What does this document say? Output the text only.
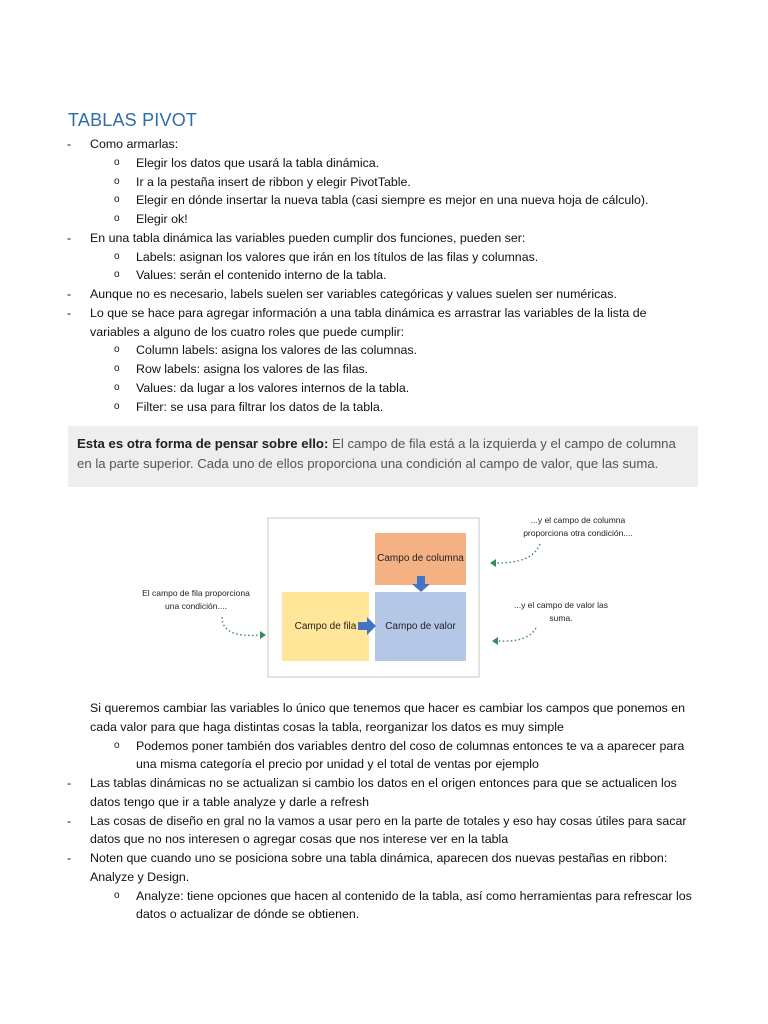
TABLAS PIVOT
- Como armarlas:
o Elegir los datos que usará la tabla dinámica.
o Ir a la pestaña insert de ribbon y elegir PivotTable.
o Elegir en dónde insertar la nueva tabla (casi siempre es mejor en una nueva hoja de cálculo).
o Elegir ok!
- En una tabla dinámica las variables pueden cumplir dos funciones, pueden ser:
o Labels: asignan los valores que irán en los títulos de las filas y columnas.
o Values: serán el contenido interno de la tabla.
- Aunque no es necesario, labels suelen ser variables categóricas y values suelen ser numéricas.
- Lo que se hace para agregar información a una tabla dinámica es arrastrar las variables de la lista de
variables a alguno de los cuatro roles que puede cumplir:
o Column labels: asigna los valores de las columnas.
o Row labels: asigna los valores de las filas.
o Values: da lugar a los valores internos de la tabla.
o Filter: se usa para filtrar los datos de la tabla.

Esta es otra forma de pensar sobre ello: El campo de fila está a la izquierda y el campo de columna en la parte superior. Cada uno de ellos proporciona una condición al campo de valor, que las suma.

Campo de columna
Campo de fila	Campo de valor
El campo de fila proporciona
una condición....
...y el campo de columna
proporciona otra condición....
...y el campo de valor las
suma.
Si queremos cambiar las variables lo único que tenemos que hacer es cambiar los campos que ponemos en
cada valor para que haga distintas cosas la tabla, reorganizar los datos es muy simple
o Podemos poner también dos variables dentro del coso de columnas entonces te va a aparecer para
una misma categoría el precio por unidad y el total de ventas por ejemplo
- Las tablas dinámicas no se actualizan si cambio los datos en el origen entonces para que se actualicen los
datos tengo que ir a table analyze y darle a refresh
- Las cosas de diseño en gral no la vamos a usar pero en la parte de totales y eso hay cosas útiles para sacar
datos que no nos interesen o agregar cosas que nos interese ver en la tabla
- Noten que cuando uno se posiciona sobre una tabla dinámica, aparecen dos nuevas pestañas en ribbon:
Analyze y Design.
o Analyze: tiene opciones que hacen al contenido de la tabla, así como herramientas para refrescar los
datos o actualizar de dónde se obtienen.
